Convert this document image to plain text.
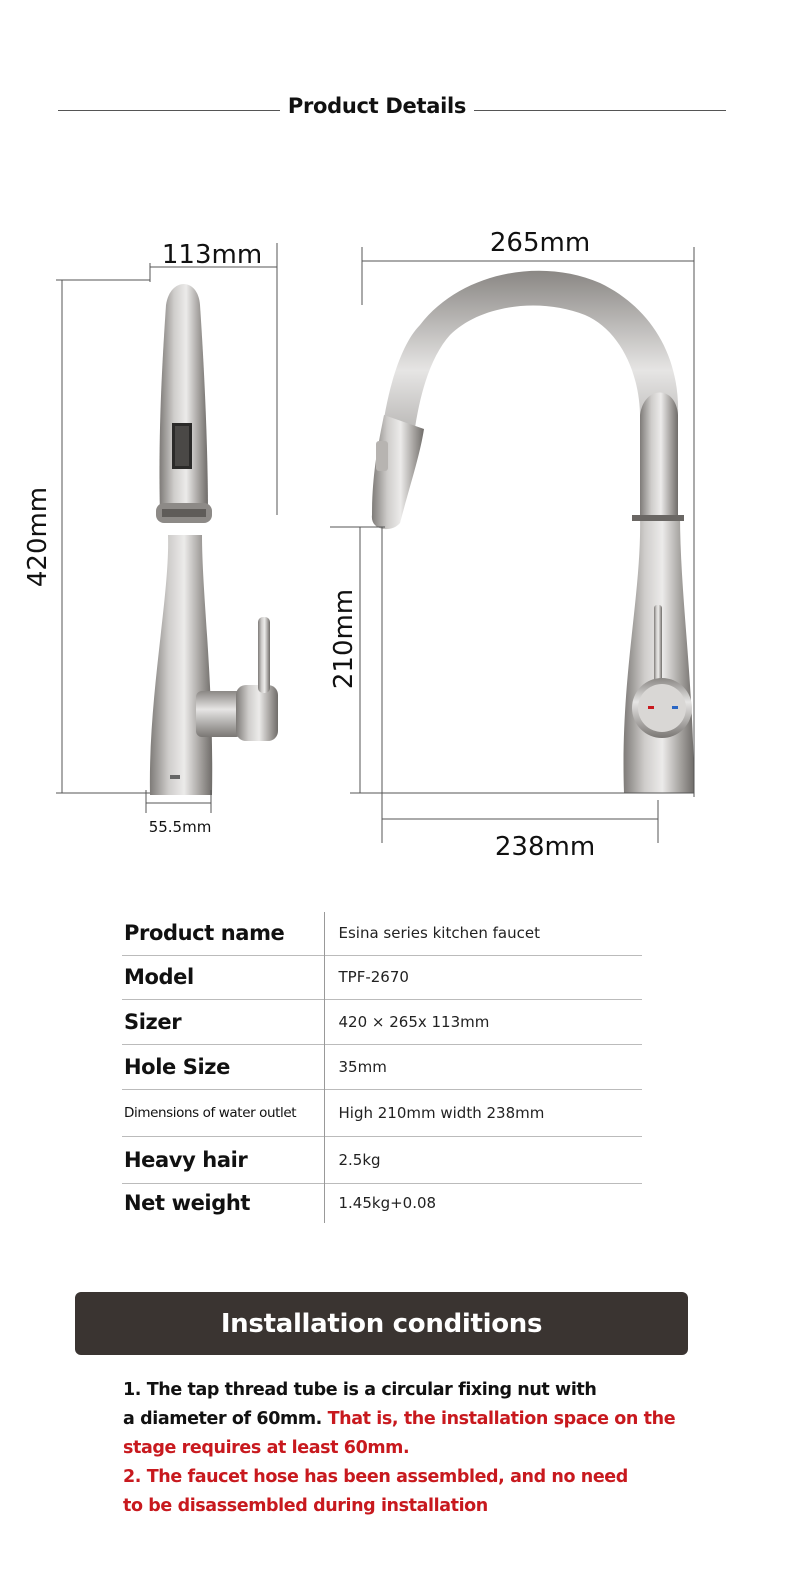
Product Details
113mm
420mm
55.5mm
265mm
210mm
238mm
Product name	Esina series kitchen faucet
Model	TPF-2670
Sizer	420 × 265x 113mm
Hole Size	35mm
Dimensions of water outlet	High 210mm width 238mm
Heavy hair	2.5kg
Net weight	1.45kg+0.08
Installation conditions
1. The tap thread tube is a circular fixing nut with
a diameter of 60mm. That is, the installation space on the stage requires at least 60mm.
2. The faucet hose has been assembled, and no need
to be disassembled during installation
